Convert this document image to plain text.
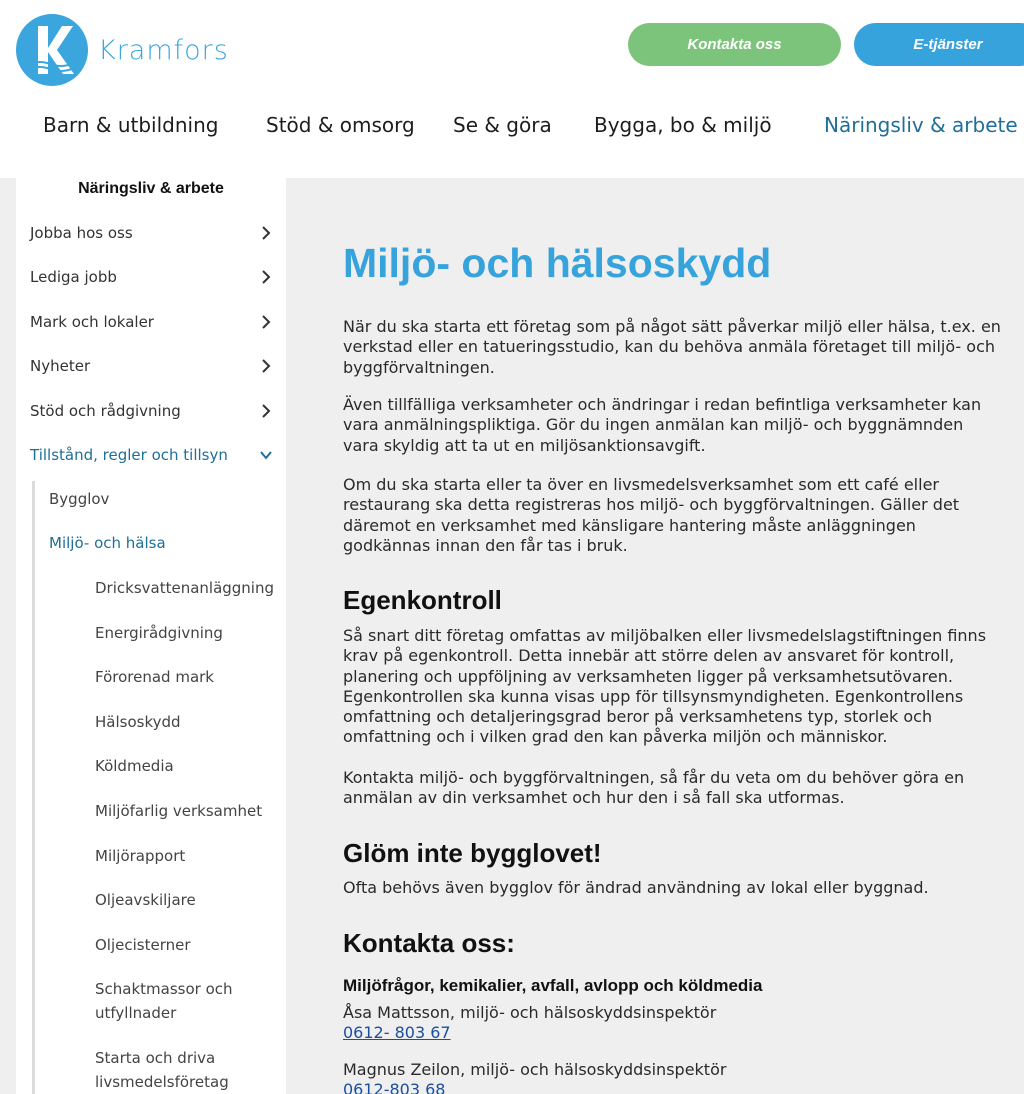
Kramfors	Kontakta oss	E-tjänster
Barn & utbildning Stöd & omsorg Se & göra Bygga, bo & miljö	Näringsliv & arbete
Näringsliv & arbete
Jobba hos oss
Lediga jobb
Mark och lokaler
Nyheter
Stöd och rådgivning
Tillstånd, regler och tillsyn
Bygglov
Miljö- och hälsa
Dricksvattenanläggning
Energirådgivning
Förorenad mark
Hälsoskydd
Köldmedia
Miljöfarlig verksamhet
Miljörapport
Oljeavskiljare
Oljecisterner
Schaktmassor och utfyllnader
Starta och driva livsmedelsföretag
Miljö- och hälsoskydd
När du ska starta ett företag som på något sätt påverkar miljö eller hälsa, t.ex. en verkstad eller en tatueringsstudio, kan du behöva anmäla företaget till miljö- och byggförvaltningen.
Även tillfälliga verksamheter och ändringar i redan befintliga verksamheter kan vara anmälningspliktiga. Gör du ingen anmälan kan miljö- och byggnämnden vara skyldig att ta ut en miljösanktionsavgift.
Om du ska starta eller ta över en livsmedelsverksamhet som ett café eller restaurang ska detta registreras hos miljö- och byggförvaltningen. Gäller det däremot en verksamhet med känsligare hantering måste anläggningen godkännas innan den får tas i bruk.
Egenkontroll
Så snart ditt företag omfattas av miljöbalken eller livsmedelslagstiftningen finns krav på egenkontroll. Detta innebär att större delen av ansvaret för kontroll, planering och uppföljning av verksamheten ligger på verksamhetsutövaren. Egenkontrollen ska kunna visas upp för tillsynsmyndigheten. Egenkontrollens omfattning och detaljeringsgrad beror på verksamhetens typ, storlek och omfattning och i vilken grad den kan påverka miljön och människor.
Kontakta miljö- och byggförvaltningen, så får du veta om du behöver göra en anmälan av din verksamhet och hur den i så fall ska utformas.
Glöm inte bygglovet!
Ofta behövs även bygglov för ändrad användning av lokal eller byggnad.
Kontakta oss:
Miljöfrågor, kemikalier, avfall, avlopp och köldmedia
Åsa Mattsson, miljö- och hälsoskyddsinspektör
0612- 803 67
Magnus Zeilon, miljö- och hälsoskyddsinspektör
0612-803 68
